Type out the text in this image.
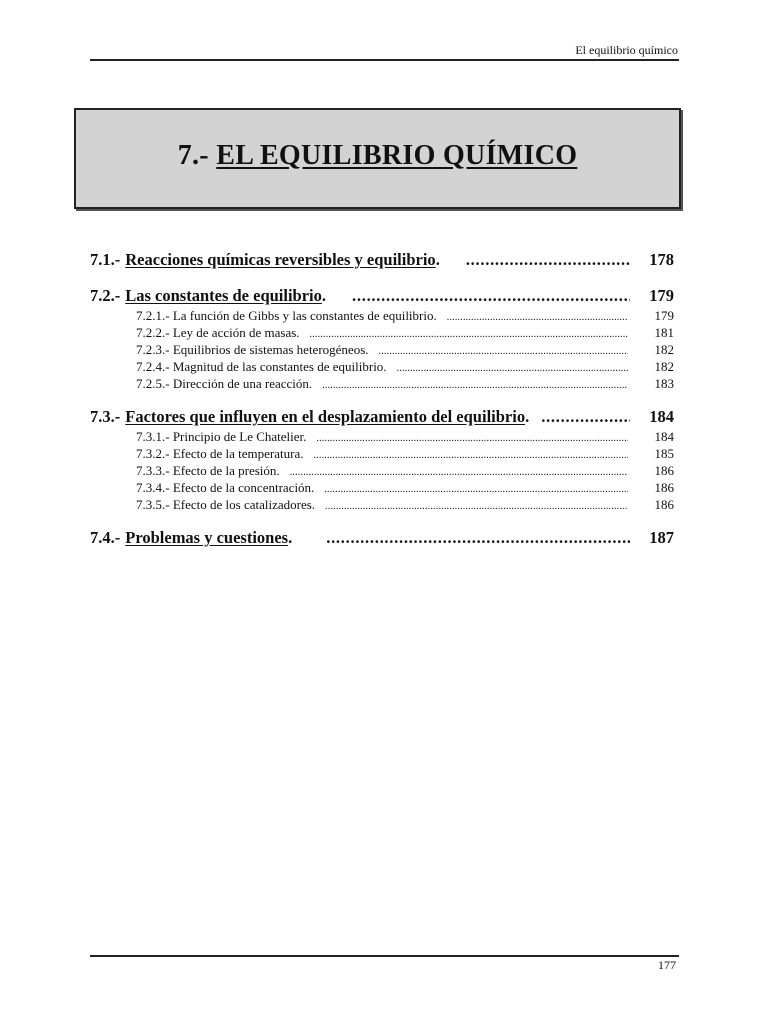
El equilibrio químico
7.- EL EQUILIBRIO QUÍMICO
7.1.- Reacciones químicas reversibles y equilibrio. . . .	178
7.2.- Las constantes de equilibrio. . . .	179
7.2.1.- La función de Gibbs y las constantes de equilibrio. . . .	179
7.2.2.- Ley de acción de masas. . . .	181
7.2.3.- Equilibrios de sistemas heterogéneos. . . .	182
7.2.4.- Magnitud de las constantes de equilibrio. . . .	182
7.2.5.- Dirección de una reacción. . . .	183
7.3.- Factores que influyen en el desplazamiento del equilibrio. . . .	184
7.3.1.- Principio de Le Chatelier. . . .	184
7.3.2.- Efecto de la temperatura. . . .	185
7.3.3.- Efecto de la presión. . . .	186
7.3.4.- Efecto de la concentración. . . .	186
7.3.5.- Efecto de los catalizadores. . . .	186
7.4.- Problemas y cuestiones. . . .	187
177
